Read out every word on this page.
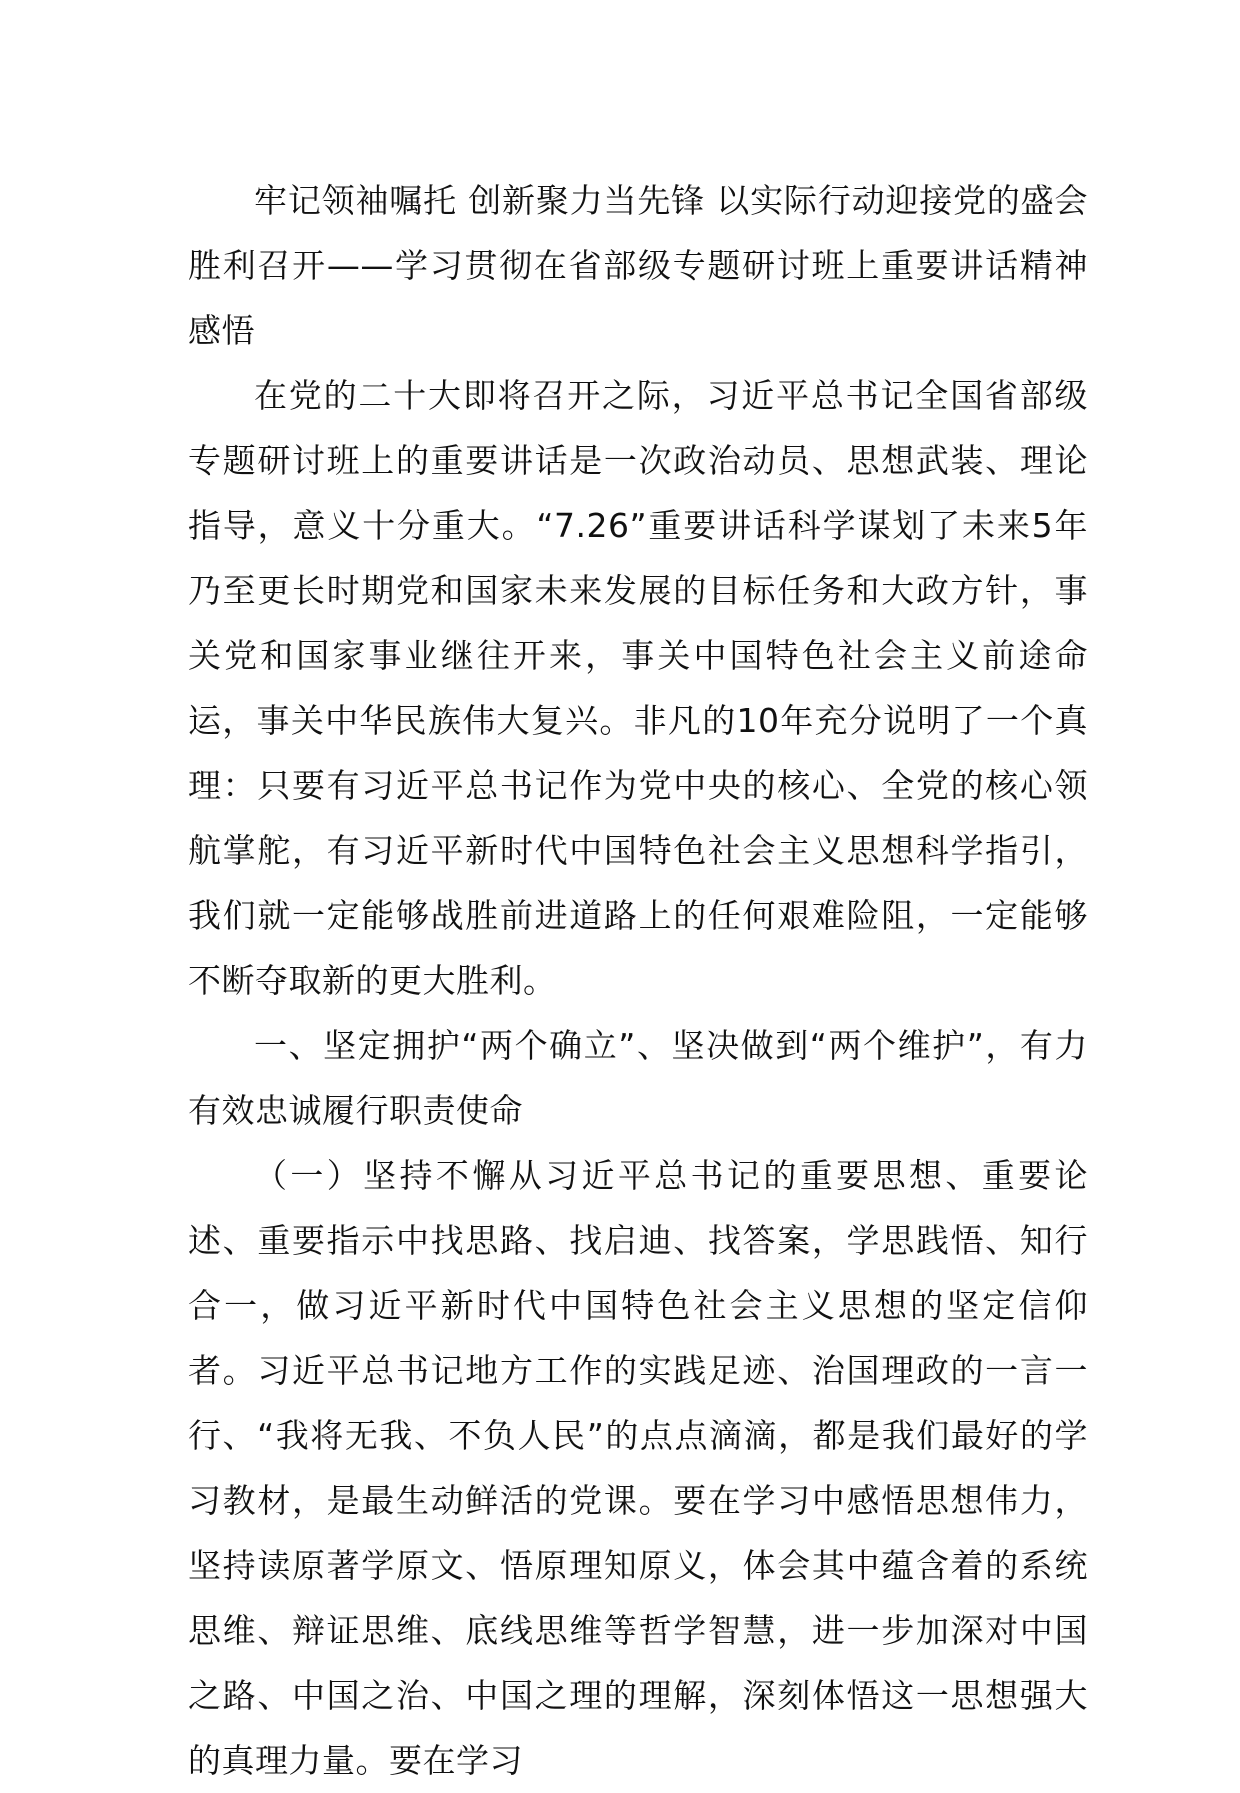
牢记领袖嘱托 创新聚力当先锋 以实际行动迎接党的盛会胜利召开——学习贯彻在省部级专题研讨班上重要讲话精神感悟

在党的二十大即将召开之际，习近平总书记全国省部级专题研讨班上的重要讲话是一次政治动员、思想武装、理论指导，意义十分重大。“7.26”重要讲话科学谋划了未来5年乃至更长时期党和国家未来发展的目标任务和大政方针，事关党和国家事业继往开来，事关中国特色社会主义前途命运，事关中华民族伟大复兴。非凡的10年充分说明了一个真理：只要有习近平总书记作为党中央的核心、全党的核心领航掌舵，有习近平新时代中国特色社会主义思想科学指引，我们就一定能够战胜前进道路上的任何艰难险阻，一定能够不断夺取新的更大胜利。

一、坚定拥护“两个确立”、坚决做到“两个维护”，有力有效忠诚履行职责使命

（一）坚持不懈从习近平总书记的重要思想、重要论述、重要指示中找思路、找启迪、找答案，学思践悟、知行合一，做习近平新时代中国特色社会主义思想的坚定信仰者。习近平总书记地方工作的实践足迹、治国理政的一言一行、“我将无我、不负人民”的点点滴滴，都是我们最好的学习教材，是最生动鲜活的党课。要在学习中感悟思想伟力，坚持读原著学原文、悟原理知原义，体会其中蕴含着的系统思维、辩证思维、底线思维等哲学智慧，进一步加深对中国之路、中国之治、中国之理的理解，深刻体悟这一思想强大的真理力量。要在学习
